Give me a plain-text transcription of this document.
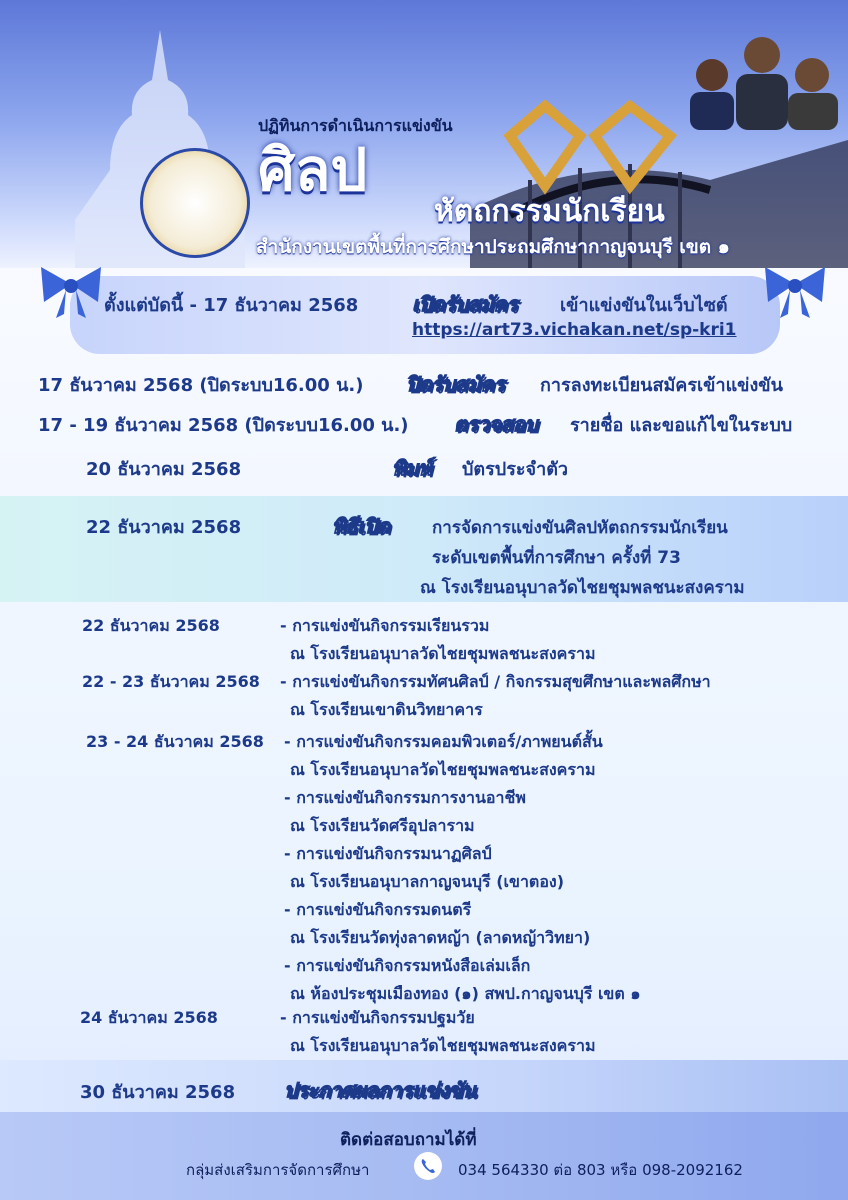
ปฏิทินการดำเนินการแข่งขัน
ศิลป
หัตถกรรมนักเรียน
สำนักงานเขตพื้นที่การศึกษาประถมศึกษากาญจนบุรี เขต ๑
ตั้งแต่บัดนี้ - 17 ธันวาคม 2568	เปิดรับสมัคร เข้าแข่งขันในเว็บไซต์
https://art73.vichakan.net/sp-kri1
17 ธันวาคม 2568 (ปิดระบบ16.00 น.) ปิดรับสมัคร การลงทะเบียนสมัครเข้าแข่งขัน
17 - 19 ธันวาคม 2568 (ปิดระบบ16.00 น.) ตรวจสอบ รายชื่อ และขอแก้ไขในระบบ
20 ธันวาคม 2568	พิมพ์ บัตรประจำตัว
22 ธันวาคม 2568	พิธีเปิด การจัดการแข่งขันศิลปหัตถกรรมนักเรียน
ระดับเขตพื้นที่การศึกษา ครั้งที่ 73
ณ โรงเรียนอนุบาลวัดไชยชุมพลชนะสงคราม
22 ธันวาคม 2568	- การแข่งขันกิจกรรมเรียนรวม
ณ โรงเรียนอนุบาลวัดไชยชุมพลชนะสงคราม
22 - 23 ธันวาคม 2568 - การแข่งขันกิจกรรมทัศนศิลป์ / กิจกรรมสุขศึกษาและพลศึกษา
ณ โรงเรียนเขาดินวิทยาคาร
23 - 24 ธันวาคม 2568 - การแข่งขันกิจกรรมคอมพิวเตอร์/ภาพยนต์สั้น
ณ โรงเรียนอนุบาลวัดไชยชุมพลชนะสงคราม
- การแข่งขันกิจกรรมการงานอาชีพ
ณ โรงเรียนวัดศรีอุปลาราม
- การแข่งขันกิจกรรมนาฏศิลป์
ณ โรงเรียนอนุบาลกาญจนบุรี (เขาตอง)
- การแข่งขันกิจกรรมดนตรี
ณ โรงเรียนวัดทุ่งลาดหญ้า (ลาดหญ้าวิทยา)
- การแข่งขันกิจกรรมหนังสือเล่มเล็ก
ณ ห้องประชุมเมืองทอง (๑) สพป.กาญจนบุรี เขต ๑
24 ธันวาคม 2568	- การแข่งขันกิจกรรมปฐมวัย
ณ โรงเรียนอนุบาลวัดไชยชุมพลชนะสงคราม
30 ธันวาคม 2568 ประกาศผลการแข่งขัน
ติดต่อสอบถามได้ที่
กลุ่มส่งเสริมการจัดการศึกษา	034 564330 ต่อ 803 หรือ 098-2092162
